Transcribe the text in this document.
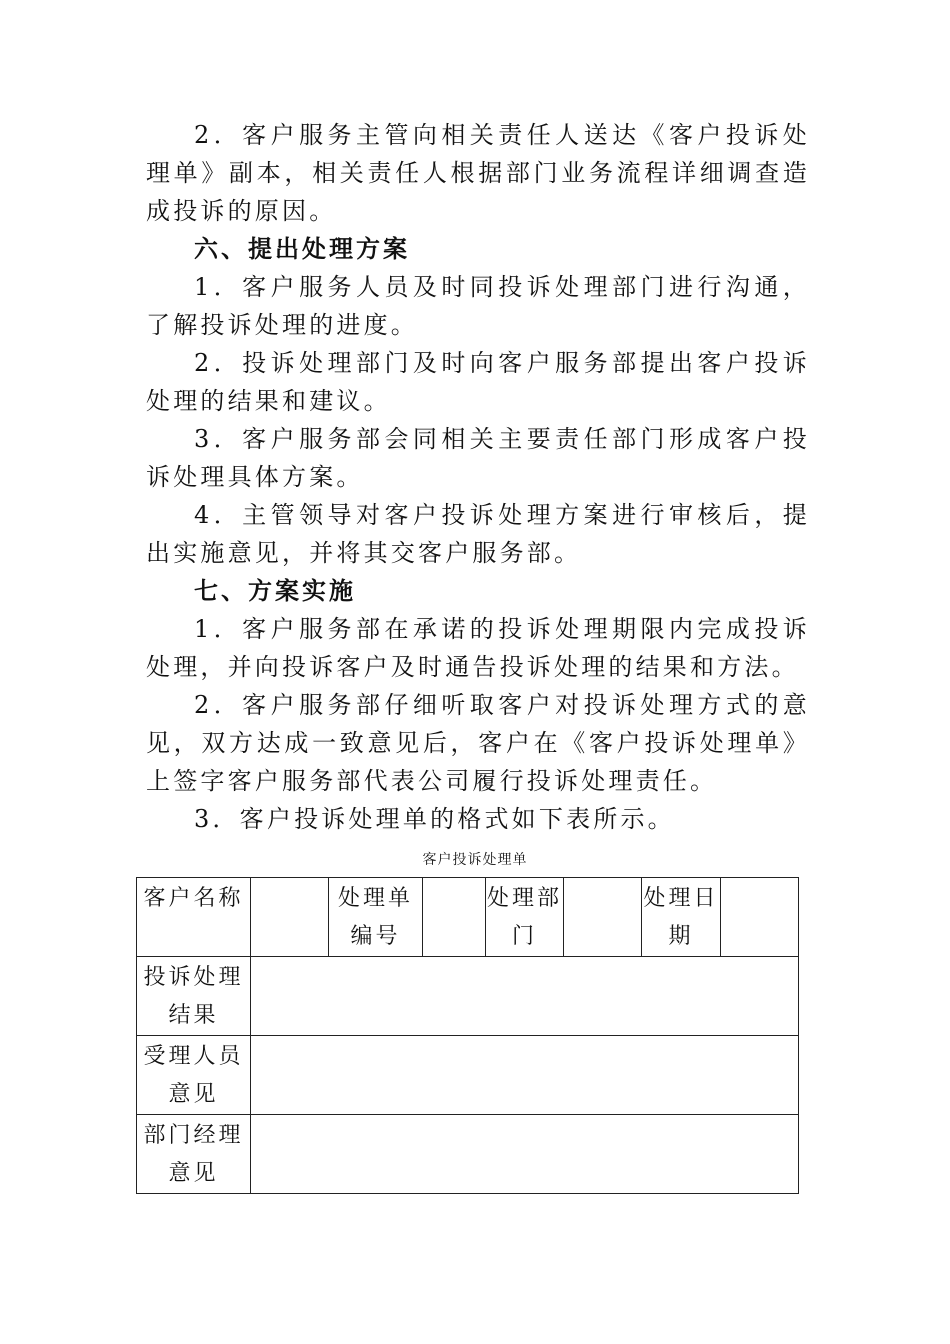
2．客户服务主管向相关责任人送达《客户投诉处理单》副本，相关责任人根据部门业务流程详细调查造成投诉的原因。

六、提出处理方案

1．客户服务人员及时同投诉处理部门进行沟通，了解投诉处理的进度。

2．投诉处理部门及时向客户服务部提出客户投诉处理的结果和建议。

3．客户服务部会同相关主要责任部门形成客户投诉处理具体方案。

4．主管领导对客户投诉处理方案进行审核后，提出实施意见，并将其交客户服务部。

七、方案实施

1．客户服务部在承诺的投诉处理期限内完成投诉处理，并向投诉客户及时通告投诉处理的结果和方法。

2．客户服务部仔细听取客户对投诉处理方式的意见，双方达成一致意见后，客户在《客户投诉处理单》上签字客户服务部代表公司履行投诉处理责任。

3．客户投诉处理单的格式如下表所示。

客户投诉处理单
客户名称		处理单编号		处理部门		处理日期	

投诉处理结果							

受理人员意见							

部门经理意见							
